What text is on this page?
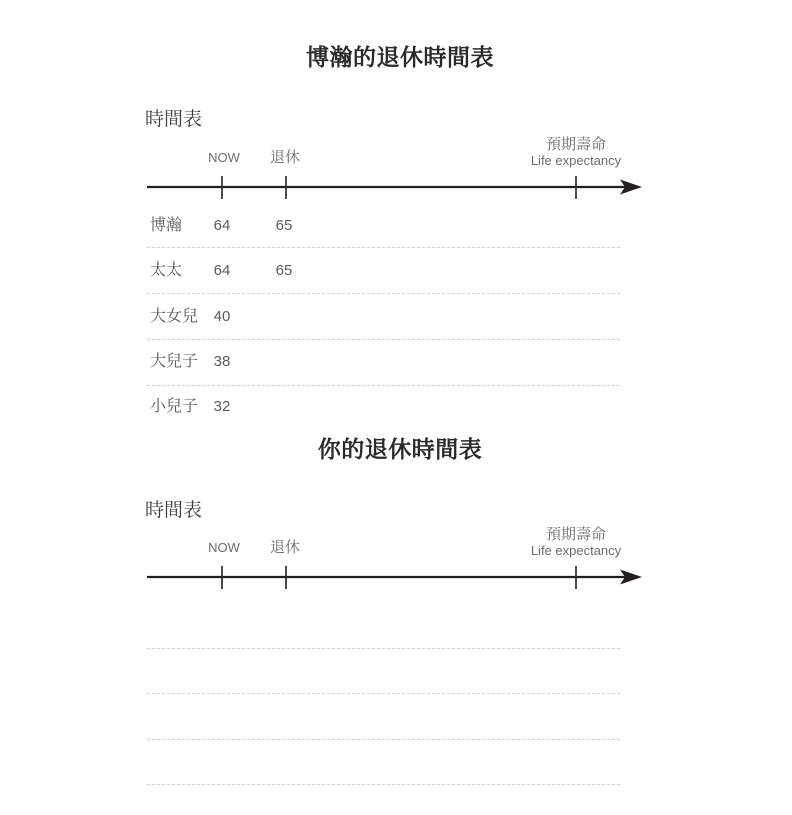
博瀚的退休時間表
時間表
NOW	退休
預期壽命
Life expectancy
博瀚	64	65
太太	64	65
大女兒	40
大兒子	38
小兒子	32
你的退休時間表
時間表
NOW	退休
預期壽命
Life expectancy
